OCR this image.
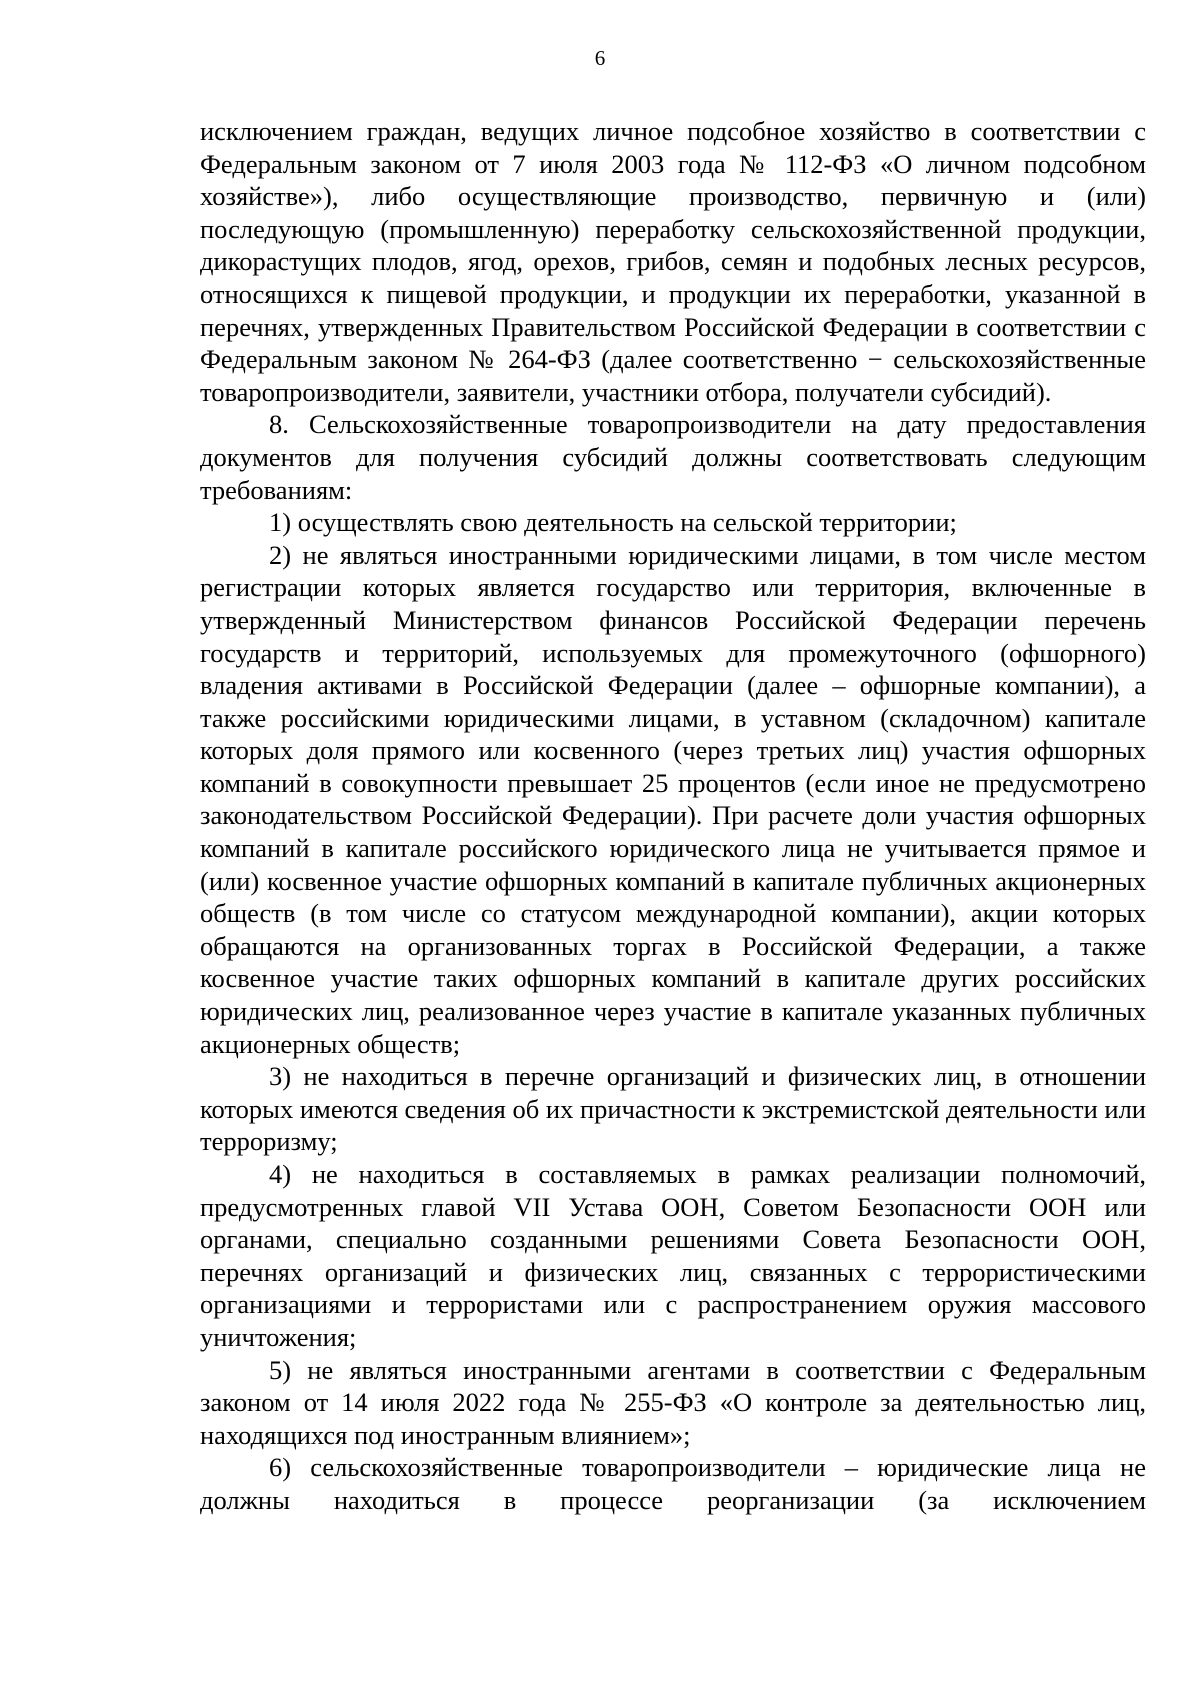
6

исключением граждан, ведущих личное подсобное хозяйство в соответствии с Федеральным законом от 7 июля 2003 года № 112-ФЗ «О личном подсобном хозяйстве»), либо осуществляющие производство, первичную и (или) последующую (промышленную) переработку сельскохозяйственной продукции, дикорастущих плодов, ягод, орехов, грибов, семян и подобных лесных ресурсов, относящихся к пищевой продукции, и продукции их переработки, указанной в перечнях, утвержденных Правительством Российской Федерации в соответствии с Федеральным законом № 264-ФЗ (далее соответственно − сельскохозяйственные товаропроизводители, заявители, участники отбора, получатели субсидий).

8. Сельскохозяйственные товаропроизводители на дату предоставления документов для получения субсидий должны соответствовать следующим требованиям:

1) осуществлять свою деятельность на сельской территории;

2) не являться иностранными юридическими лицами, в том числе местом регистрации которых является государство или территория, включенные в утвержденный Министерством финансов Российской Федерации перечень государств и территорий, используемых для промежуточного (офшорного) владения активами в Российской Федерации (далее – офшорные компании), а также российскими юридическими лицами, в уставном (складочном) капитале которых доля прямого или косвенного (через третьих лиц) участия офшорных компаний в совокупности превышает 25 процентов (если иное не предусмотрено законодательством Российской Федерации). При расчете доли участия офшорных компаний в капитале российского юридического лица не учитывается прямое и (или) косвенное участие офшорных компаний в капитале публичных акционерных обществ (в том числе со статусом международной компании), акции которых обращаются на организованных торгах в Российской Федерации, а также косвенное участие таких офшорных компаний в капитале других российских юридических лиц, реализованное через участие в капитале указанных публичных акционерных обществ;

3) не находиться в перечне организаций и физических лиц, в отношении которых имеются сведения об их причастности к экстремистской деятельности или терроризму;

4) не находиться в составляемых в рамках реализации полномочий, предусмотренных главой VII Устава ООН, Советом Безопасности ООН или органами, специально созданными решениями Совета Безопасности ООН, перечнях организаций и физических лиц, связанных с террористическими организациями и террористами или с распространением оружия массового уничтожения;

5) не являться иностранными агентами в соответствии с Федеральным законом от 14 июля 2022 года № 255-ФЗ «О контроле за деятельностью лиц, находящихся под иностранным влиянием»;

6) сельскохозяйственные товаропроизводители – юридические лица не должны находиться в процессе реорганизации (за исключением
